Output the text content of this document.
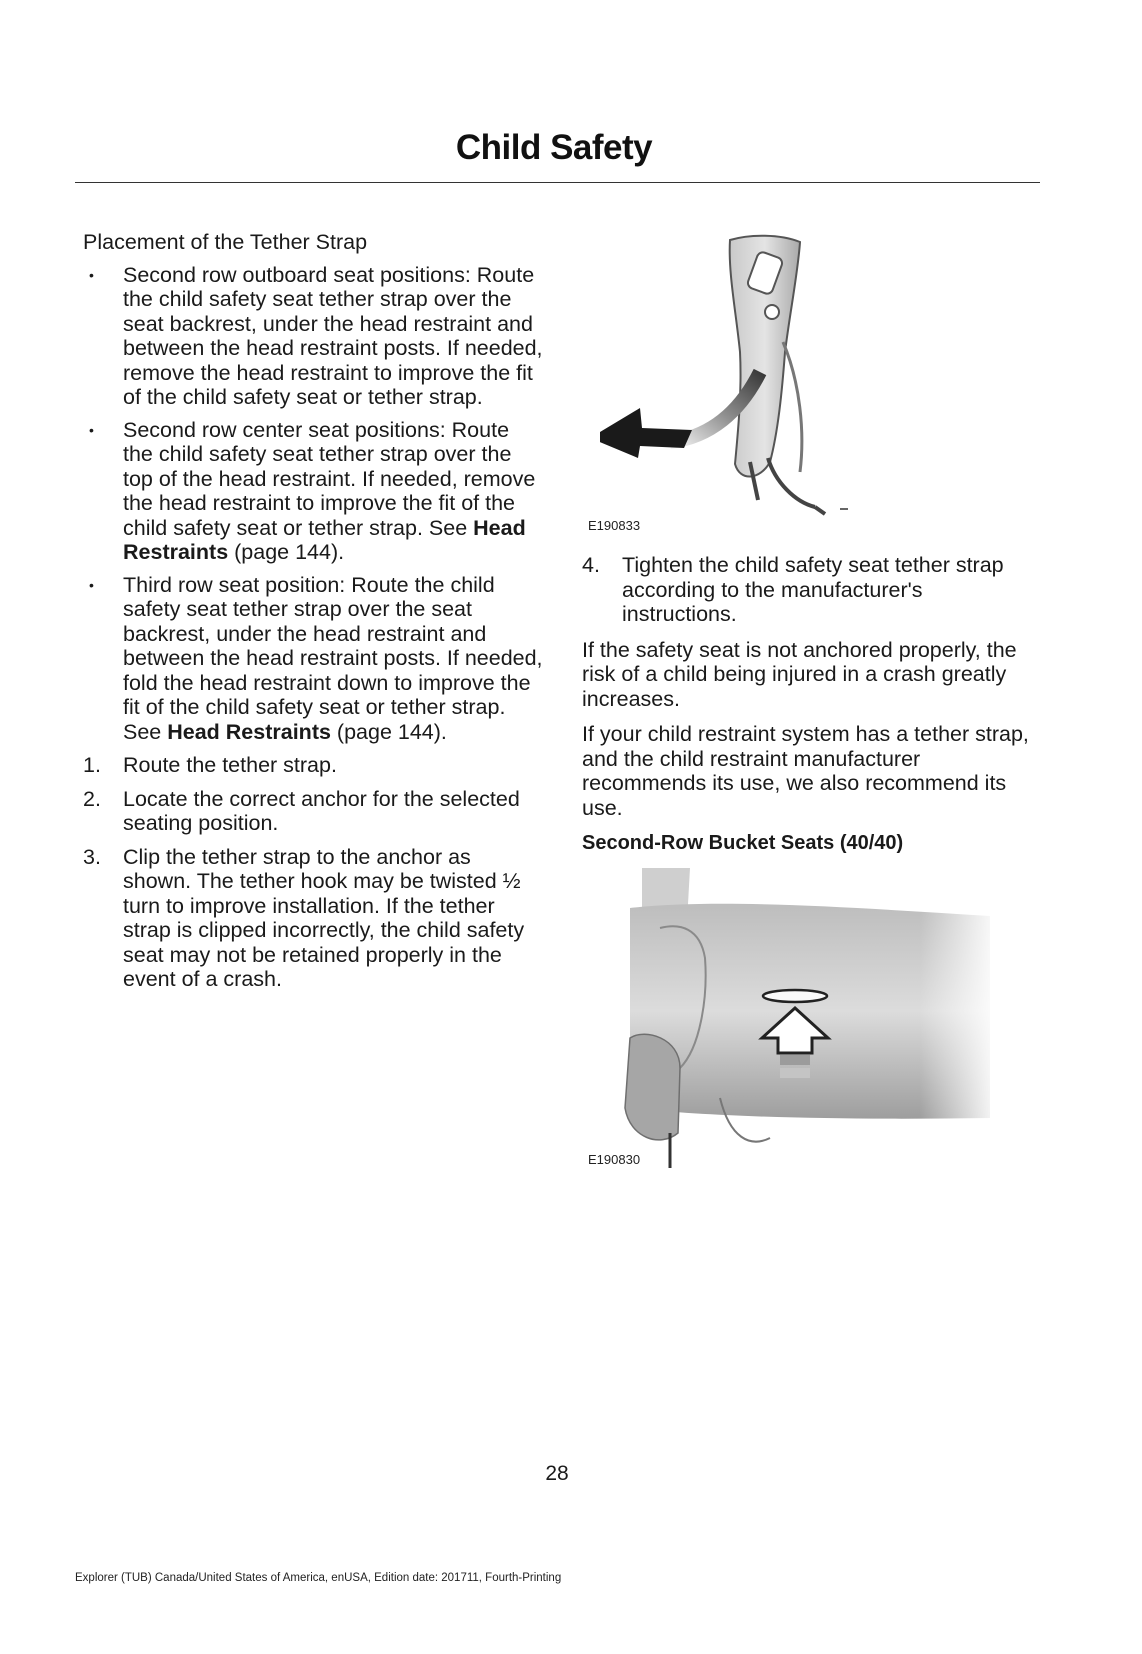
Child Safety

Placement of the Tether Strap

• Second row outboard seat positions: Route the child safety seat tether strap over the seat backrest, under the head restraint and between the head restraint posts. If needed, remove the head restraint to improve the fit of the child safety seat or tether strap.
• Second row center seat positions: Route the child safety seat tether strap over the top of the head restraint. If needed, remove the head restraint to improve the fit of the child safety seat or tether strap. See Head Restraints (page 144).
• Third row seat position: Route the child safety seat tether strap over the seat backrest, under the head restraint and between the head restraint posts. If needed, fold the head restraint down to improve the fit of the child safety seat or tether strap. See Head Restraints (page 144).
1. Route the tether strap.
2. Locate the correct anchor for the selected seating position.
3. Clip the tether strap to the anchor as shown. The tether hook may be twisted ½ turn to improve installation. If the tether strap is clipped incorrectly, the child safety seat may not be retained properly in the event of a crash.
E190833
4. Tighten the child safety seat tether strap according to the manufacturer's instructions.

If the safety seat is not anchored properly, the risk of a child being injured in a crash greatly increases.

If your child restraint system has a tether strap, and the child restraint manufacturer recommends its use, we also recommend its use.

Second-Row Bucket Seats (40/40)

E190830
28
Explorer (TUB) Canada/United States of America, enUSA, Edition date: 201711, Fourth-Printing
